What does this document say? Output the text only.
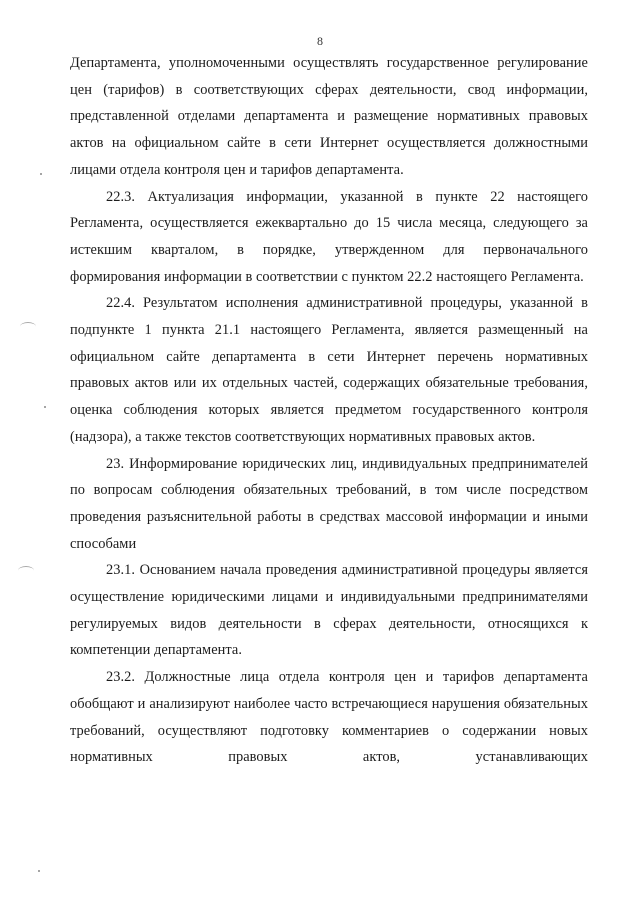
8

Департамента, уполномоченными осуществлять государственное регулирование цен (тарифов) в соответствующих сферах деятельности, свод информации, представленной отделами департамента и размещение нормативных правовых актов на официальном сайте в сети Интернет осуществляется должностными лицами отдела контроля цен и тарифов департамента.

22.3. Актуализация информации, указанной в пункте 22 настоящего Регламента, осуществляется ежеквартально до 15 числа месяца, следующего за истекшим кварталом, в порядке, утвержденном для первоначального формирования информации в соответствии с пунктом 22.2 настоящего Регламента.

22.4. Результатом исполнения административной процедуры, указанной в подпункте 1 пункта 21.1 настоящего Регламента, является размещенный на официальном сайте департамента в сети Интернет перечень нормативных правовых актов или их отдельных частей, содержащих обязательные требования, оценка соблюдения которых является предметом государственного контроля (надзора), а также текстов соответствующих нормативных правовых актов.

23. Информирование юридических лиц, индивидуальных предпринимателей по вопросам соблюдения обязательных требований, в том числе посредством проведения разъяснительной работы в средствах массовой информации и иными способами

23.1. Основанием начала проведения административной процедуры является осуществление юридическими лицами и индивидуальными предпринимателями регулируемых видов деятельности в сферах деятельности, относящихся к компетенции департамента.

23.2. Должностные лица отдела контроля цен и тарифов департамента обобщают и анализируют наиболее часто встречающиеся нарушения обязательных требований, осуществляют подготовку комментариев о содержании новых нормативных правовых актов, устанавливающих
